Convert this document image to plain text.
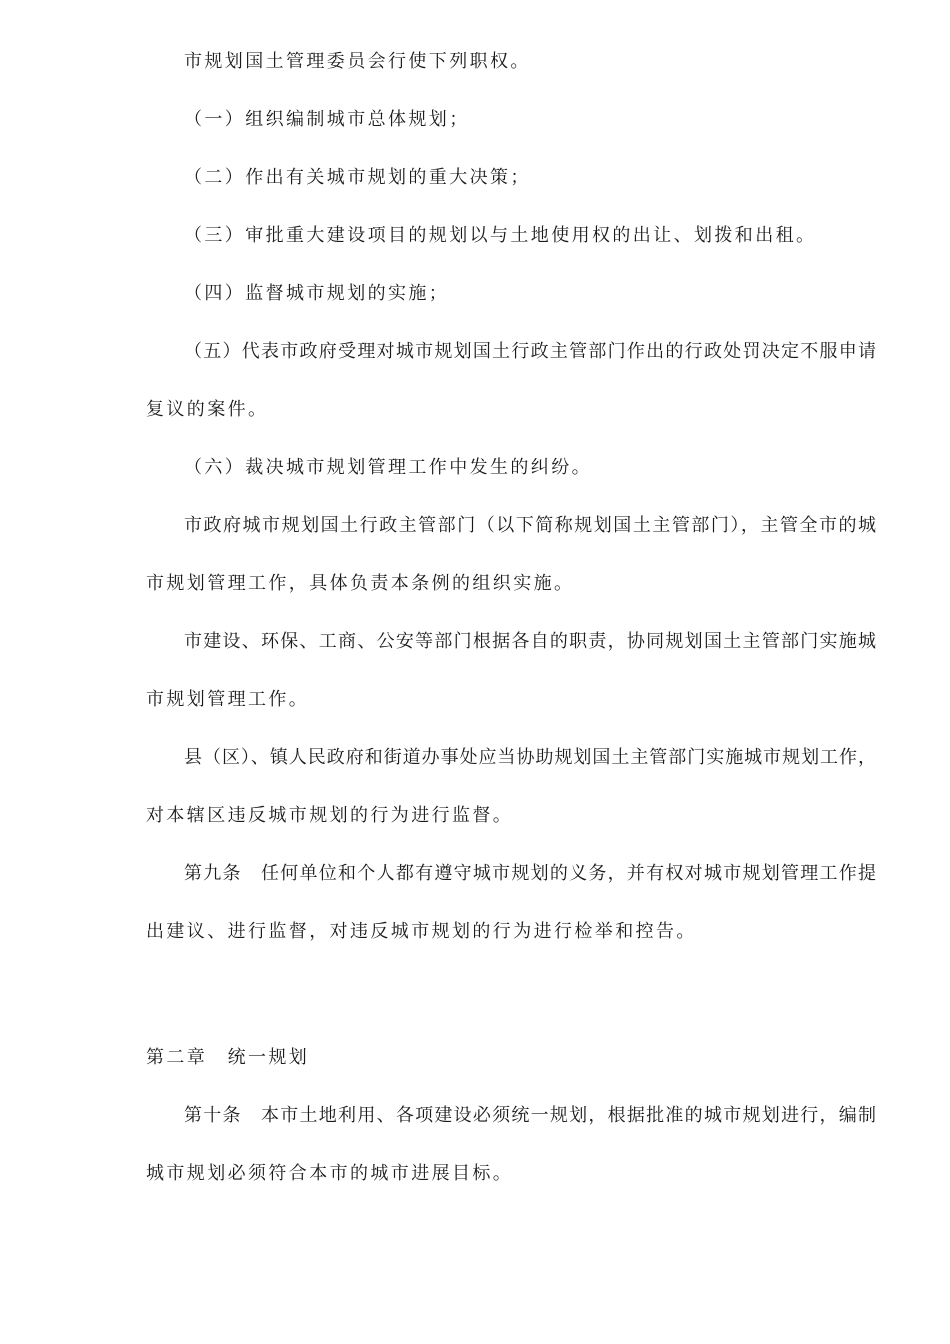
市规划国土管理委员会行使下列职权。
（一）组织编制城市总体规划；
（二）作出有关城市规划的重大决策；
（三）审批重大建设项目的规划以与土地使用权的出让、划拨和出租。
（四）监督城市规划的实施；
（五）代表市政府受理对城市规划国土行政主管部门作出的行政处罚决定不服申请
复议的案件。
（六）裁决城市规划管理工作中发生的纠纷。
市政府城市规划国土行政主管部门（以下简称规划国土主管部门），主管全市的城
市规划管理工作，具体负责本条例的组织实施。
市建设、环保、工商、公安等部门根据各自的职责，协同规划国土主管部门实施城
市规划管理工作。
县（区）、镇人民政府和街道办事处应当协助规划国土主管部门实施城市规划工作，
对本辖区违反城市规划的行为进行监督。
第九条　任何单位和个人都有遵守城市规划的义务，并有权对城市规划管理工作提
出建议、进行监督，对违反城市规划的行为进行检举和控告。
第二章　统一规划
第十条　本市土地利用、各项建设必须统一规划，根据批准的城市规划进行，编制
城市规划必须符合本市的城市进展目标。
